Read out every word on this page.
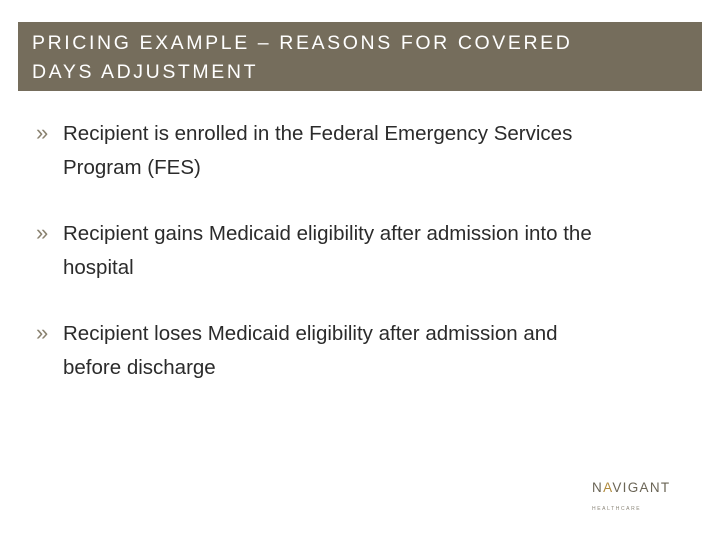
PRICING EXAMPLE – REASONS FOR COVERED
DAYS ADJUSTMENT
» Recipient is enrolled in the Federal Emergency Services
Program (FES)
» Recipient gains Medicaid eligibility after admission into the
hospital
» Recipient loses Medicaid eligibility after admission and
before discharge
NAVIGANT
HEALTHCARE
